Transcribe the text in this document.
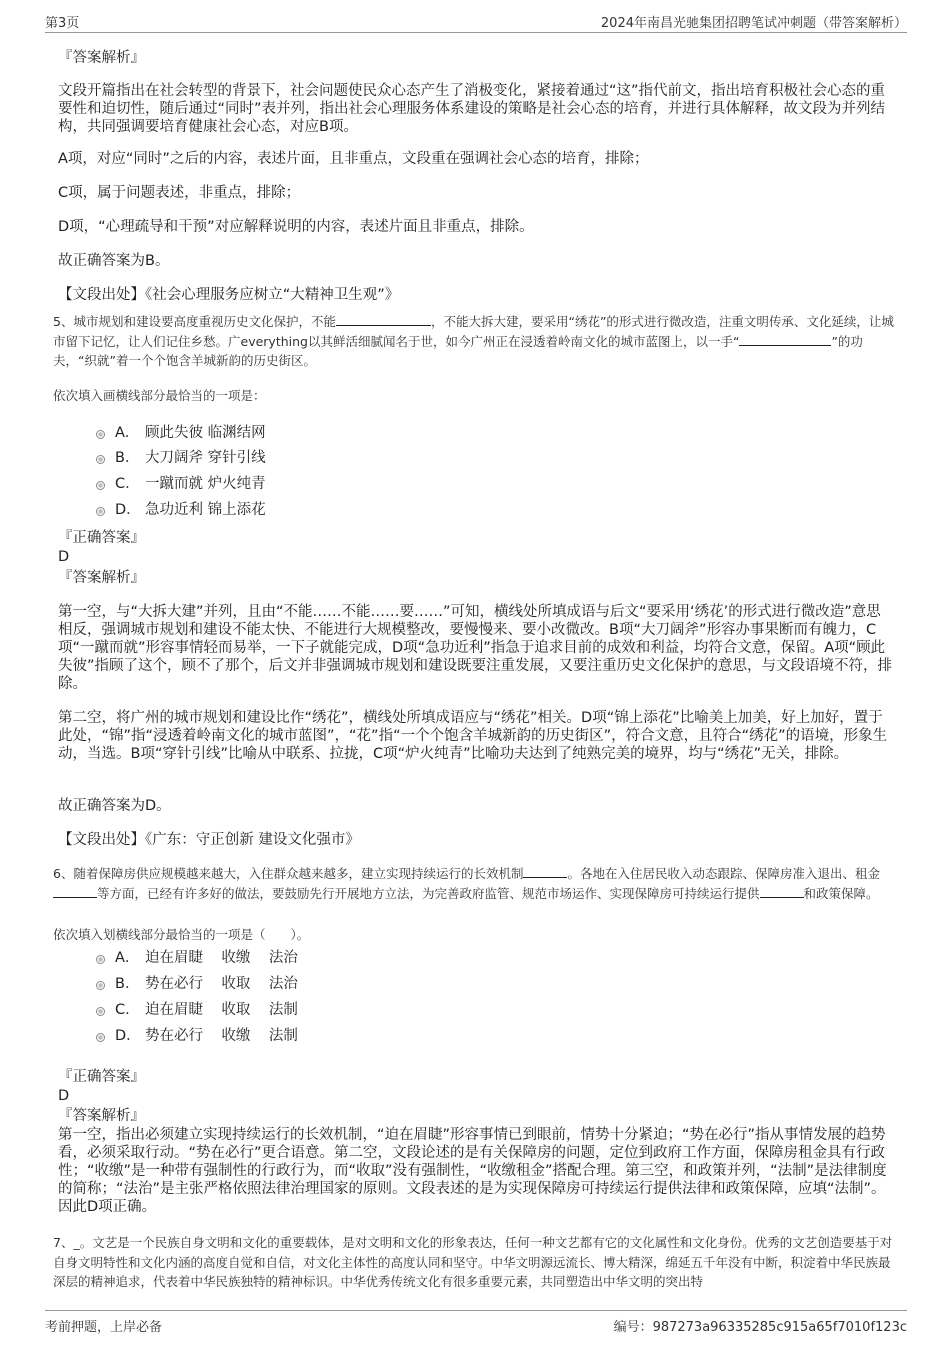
第3页	2024年南昌光驰集团招聘笔试冲刺题（带答案解析）
『答案解析』

文段开篇指出在社会转型的背景下，社会问题使民众心态产生了消极变化，紧接着通过“这”指代前文，指出培育积极社会心态的重要性和迫切性，随后通过“同时”表并列，指出社会心理服务体系建设的策略是社会心态的培育，并进行具体解释，故文段为并列结构，共同强调要培育健康社会心态，对应B项。

A项，对应“同时”之后的内容，表述片面，且非重点，文段重在强调社会心态的培育，排除；

C项，属于问题表述，非重点，排除；

D项，“心理疏导和干预”对应解释说明的内容，表述片面且非重点，排除。

故正确答案为B。

【文段出处】《社会心理服务应树立“大精神卫生观”》

5、城市规划和建设要高度重视历史文化保护，不能	，不能大拆大建，要采用“绣花”的形式进行微改造，注重文明传承、文化延续，让城市留下记忆，让人们记住乡愁。广everything以其鲜活细腻闻名于世，如今广州正在浸透着岭南文化的城市蓝图上，以一手“	”的功夫，“织就”着一个个饱含羊城新韵的历史街区。

依次填入画横线部分最恰当的一项是：

A． 顾此失彼 临渊结网
B． 大刀阔斧 穿针引线
C． 一蹴而就 炉火纯青
D． 急功近利 锦上添花
『正确答案』
D
『答案解析』

第一空，与“大拆大建”并列，且由“不能……不能……要……”可知，横线处所填成语与后文“要采用‘绣花’的形式进行微改造”意思相反，强调城市规划和建设不能太快、不能进行大规模整改，要慢慢来、要小改微改。B项“大刀阔斧”形容办事果断而有魄力，C项“一蹴而就”形容事情轻而易举，一下子就能完成，D项“急功近利”指急于追求目前的成效和利益，均符合文意，保留。A项“顾此失彼”指顾了这个，顾不了那个，后文并非强调城市规划和建设既要注重发展，又要注重历史文化保护的意思，与文段语境不符，排除。

第二空，将广州的城市规划和建设比作“绣花”，横线处所填成语应与“绣花”相关。D项“锦上添花”比喻美上加美，好上加好，置于此处，“锦”指“浸透着岭南文化的城市蓝图”，“花”指“一个个饱含羊城新韵的历史街区”，符合文意，且符合“绣花”的语境，形象生动，当选。B项“穿针引线”比喻从中联系、拉拢，C项“炉火纯青”比喻功夫达到了纯熟完美的境界，均与“绣花”无关，排除。

故正确答案为D。

【文段出处】《广东：守正创新 建设文化强市》

6、随着保障房供应规模越来越大，入住群众越来越多，建立实现持续运行的长效机制	。各地在入住居民收入动态跟踪、保障房准入退出、租金等方面，已经有许多好的做法，要鼓励先行开展地方立法，为完善政府监管、规范市场运作、实现保障房可持续运行提供	和政策保障。

依次填入划横线部分最恰当的一项是（　　）。

A． 迫在眉睫    收缴    法治
B． 势在必行    收取    法治
C． 迫在眉睫    收取    法制
D． 势在必行    收缴    法制
『正确答案』
D
『答案解析』

第一空，指出必须建立实现持续运行的长效机制，“迫在眉睫”形容事情已到眼前，情势十分紧迫；“势在必行”指从事情发展的趋势看，必须采取行动。“势在必行”更合语意。第二空，文段论述的是有关保障房的问题，定位到政府工作方面，保障房租金具有行政性；“收缴”是一种带有强制性的行政行为，而“收取”没有强制性，“收缴租金”搭配合理。第三空，和政策并列，“法制”是法律制度的简称；“法治”是主张严格依照法律治理国家的原则。文段表述的是为实现保障房可持续运行提供法律和政策保障，应填“法制”。因此D项正确。

7、_。文艺是一个民族自身文明和文化的重要载体，是对文明和文化的形象表达，任何一种文艺都有它的文化属性和文化身份。优秀的文艺创造要基于对自身文明特性和文化内涵的高度自觉和自信，对文化主体性的高度认同和坚守。中华文明源远流长、博大精深，绵延五千年没有中断，积淀着中华民族最深层的精神追求，代表着中华民族独特的精神标识。中华优秀传统文化有很多重要元素，共同塑造出中华文明的突出特

考前押题，上岸必备	编号：987273a96335285c915a65f7010f123c
